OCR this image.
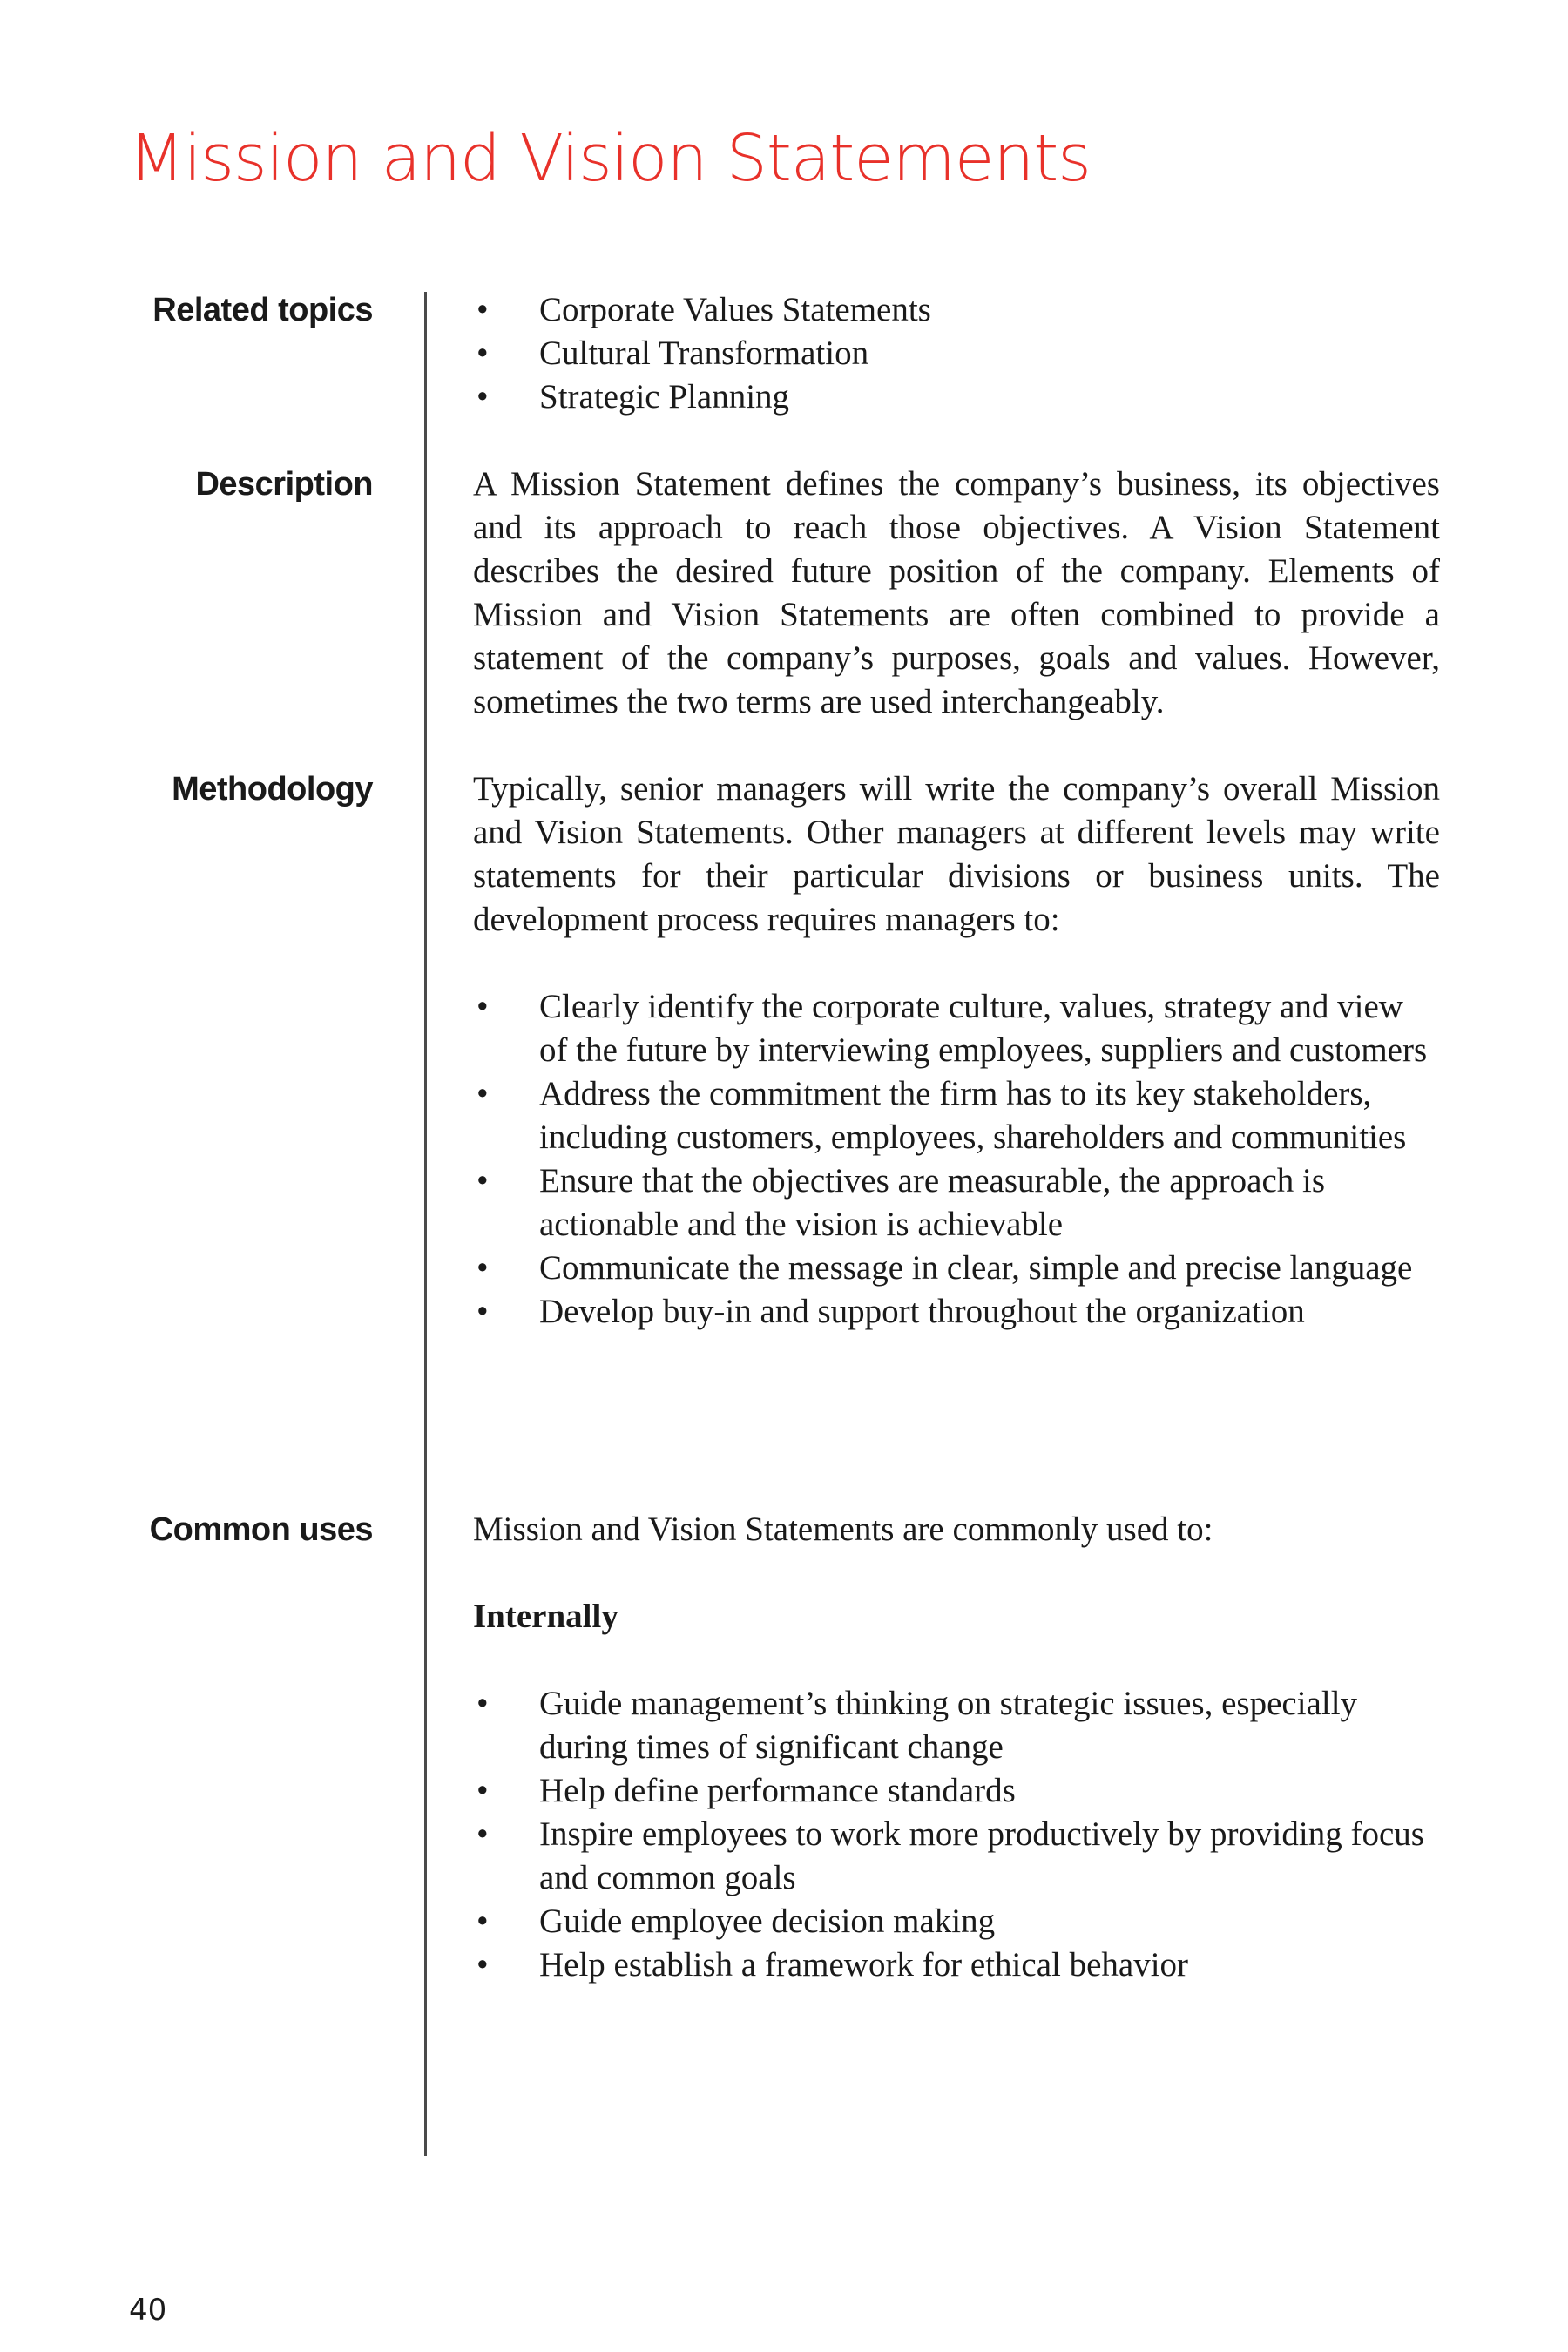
Mission and Vision Statements

Related topics	• Corporate Values Statements
• Cultural Transformation
• Strategic Planning

Description	A Mission Statement defines the company’s business, its objectives and its approach to reach those objectives. A Vision Statement describes the desired future position of the company. Elements of Mission and Vision Statements are often combined to provide a statement of the company’s purposes, goals and values. However, sometimes the two terms are used interchangeably.

Methodology	Typically, senior managers will write the company’s overall Mission and Vision Statements. Other managers at different levels may write statements for their particular divisions or business units. The development process requires managers to:

• Clearly identify the corporate culture, values, strategy and view of the future by interviewing employees, suppliers and customers
• Address the commitment the firm has to its key stakeholders, including customers, employees, shareholders and communities
• Ensure that the objectives are measurable, the approach is actionable and the vision is achievable
• Communicate the message in clear, simple and precise language
• Develop buy-in and support throughout the organization

Common uses	Mission and Vision Statements are commonly used to:

Internally

• Guide management’s thinking on strategic issues, especially during times of significant change
• Help define performance standards
• Inspire employees to work more productively by providing focus and common goals
• Guide employee decision making
• Help establish a framework for ethical behavior

40
